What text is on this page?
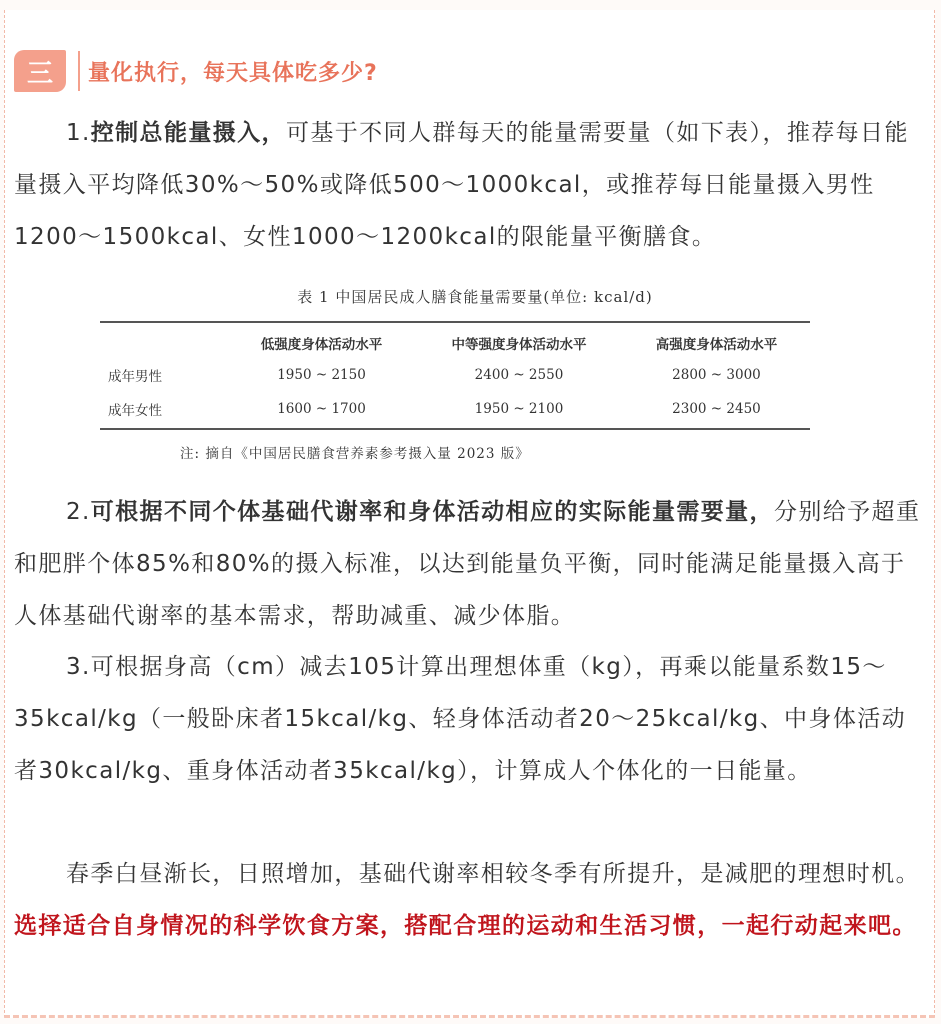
三	量化执行，每天具体吃多少?

1.控制总能量摄入，可基于不同人群每天的能量需要量（如下表），推荐每日能量摄入平均降低30%～50%或降低500～1000kcal，或推荐每日能量摄入男性1200～1500kcal、女性1000～1200kcal的限能量平衡膳食。

表 1 中国居民成人膳食能量需要量(单位: kcal/d)
	低强度身体活动水平	中等强度身体活动水平	高强度身体活动水平
成年男性	1950 ~ 2150	2400 ~ 2550	2800 ~ 3000
成年女性	1600 ~ 1700	1950 ~ 2100	2300 ~ 2450
注: 摘自《中国居民膳食营养素参考摄入量 2023 版》

2.可根据不同个体基础代谢率和身体活动相应的实际能量需要量，分别给予超重和肥胖个体85%和80%的摄入标准，以达到能量负平衡，同时能满足能量摄入高于人体基础代谢率的基本需求，帮助减重、减少体脂。

3.可根据身高（cm）减去105计算出理想体重（kg），再乘以能量系数15～35kcal/kg（一般卧床者15kcal/kg、轻身体活动者20～25kcal/kg、中身体活动者30kcal/kg、重身体活动者35kcal/kg），计算成人个体化的一日能量。

春季白昼渐长，日照增加，基础代谢率相较冬季有所提升，是减肥的理想时机。选择适合自身情况的科学饮食方案，搭配合理的运动和生活习惯，一起行动起来吧。
